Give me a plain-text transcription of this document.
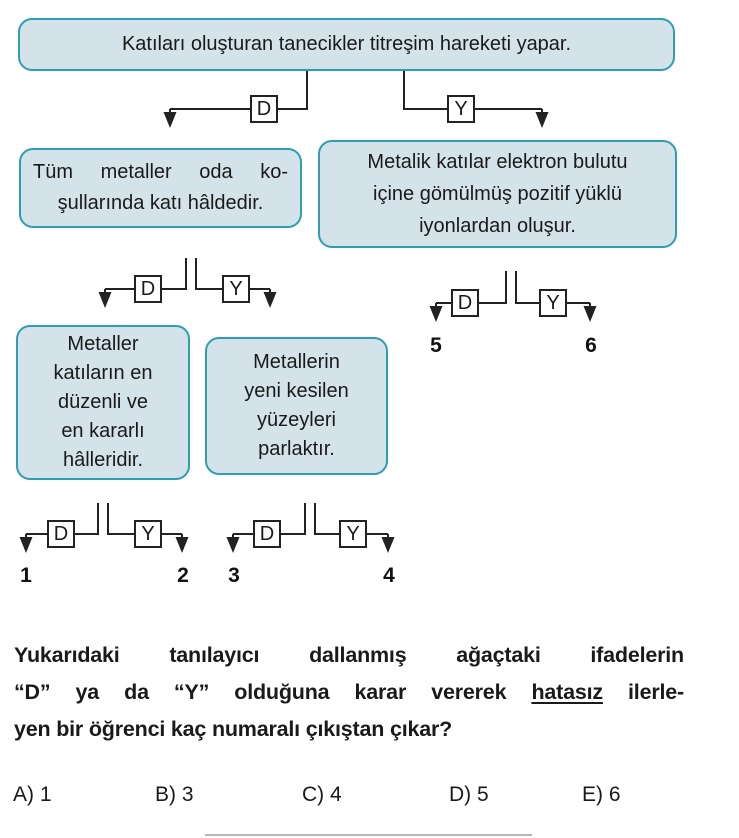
Katıları oluşturan tanecikler titreşim hareketi yapar.
Tüm metaller oda ko-
şullarında katı hâldedir.
Metalik katılar elektron bulutu
içine gömülmüş pozitif yüklü
iyonlardan oluşur.
Metaller
katıların en
düzenli ve
en kararlı
hâlleridir.
Metallerin
yeni kesilen
yüzeyleri
parlaktır.
D	Y
D	Y
D	Y
D	Y	D	Y
1	2	3	4
5	6
Yukarıdaki tanılayıcı dallanmış ağaçtaki ifadelerin
“D” ya da “Y” olduğuna karar vererek hatasız ilerle-
yen bir öğrenci kaç numaralı çıkıştan çıkar?
A) 1	B) 3	C) 4	D) 5	E) 6
